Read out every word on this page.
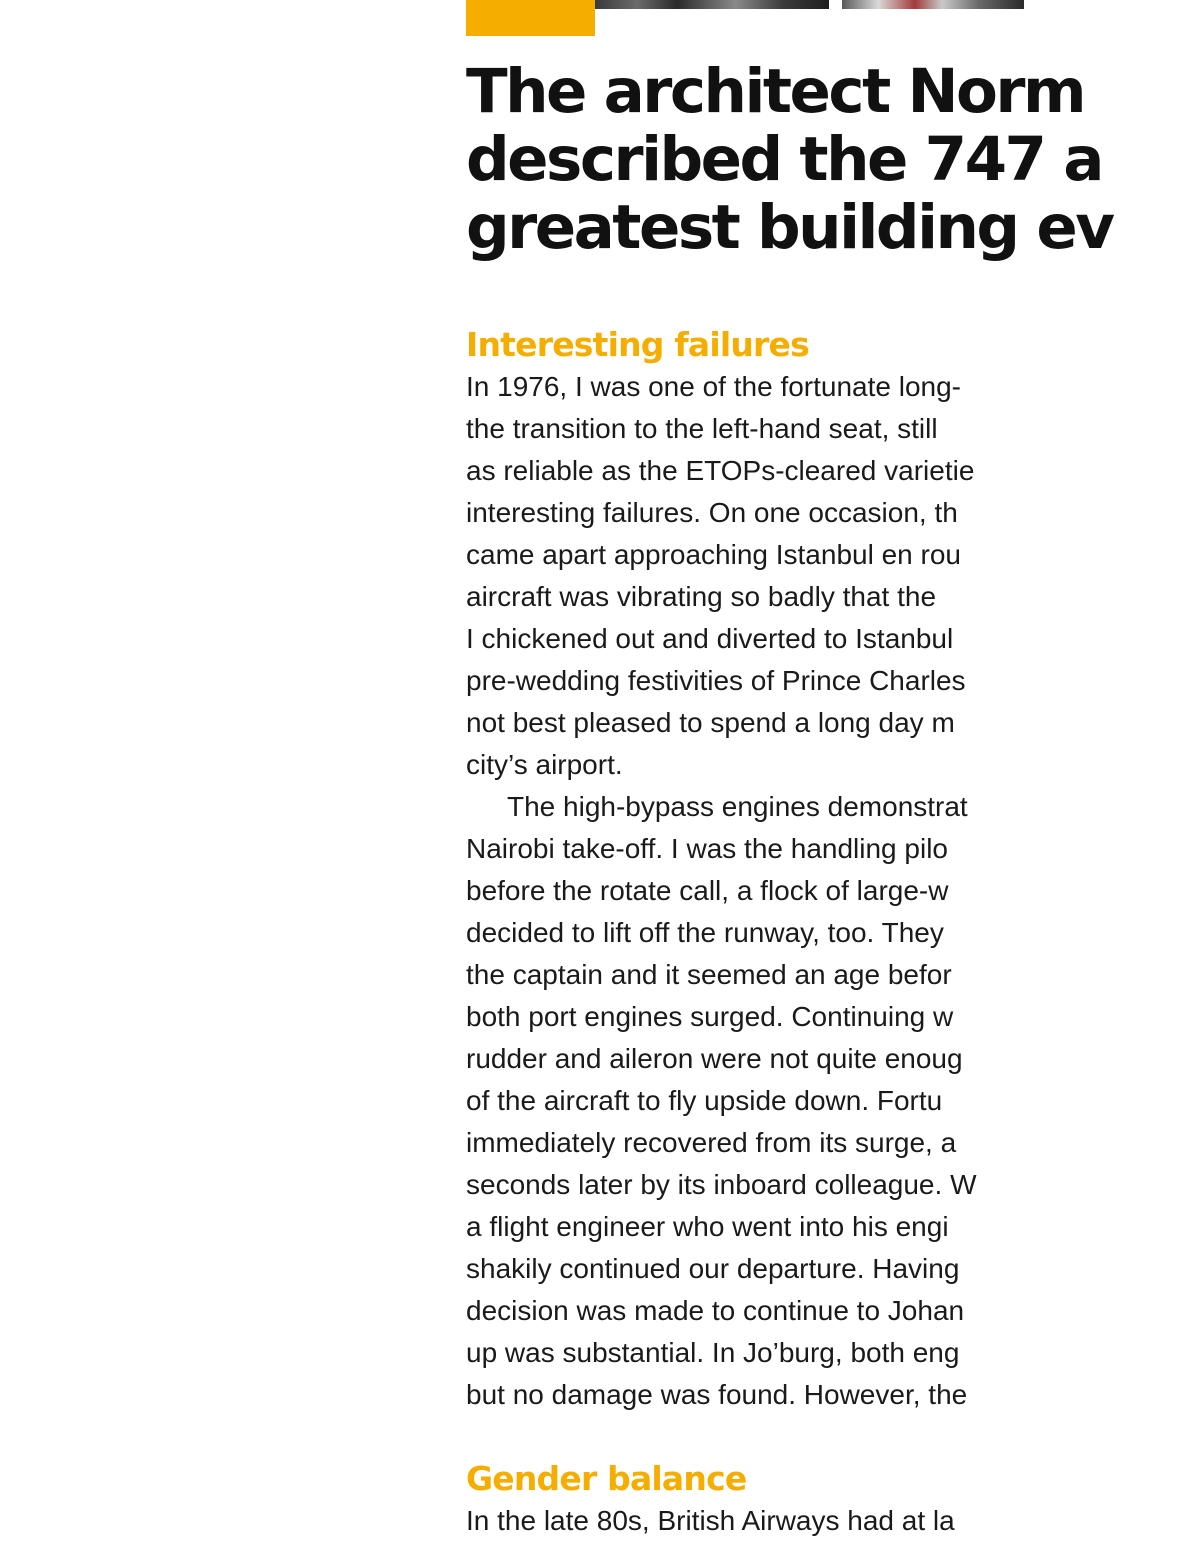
The architect Norm
described the 747 a
greatest building ev
Interesting failures
In 1976, I was one of the fortunate long-
the transition to the left-hand seat, still
as reliable as the ETOPs-cleared varietie
interesting failures. On one occasion, th
came apart approaching Istanbul en rou
aircraft was vibrating so badly that the
I chickened out and diverted to Istanbul
pre-wedding festivities of Prince Charles
not best pleased to spend a long day m
city’s airport.
The high-bypass engines demonstrat
Nairobi take-off. I was the handling pilo
before the rotate call, a flock of large-w
decided to lift off the runway, too. They
the captain and it seemed an age befor
both port engines surged. Continuing w
rudder and aileron were not quite enoug
of the aircraft to fly upside down. Fortu
immediately recovered from its surge, a
seconds later by its inboard colleague. W
a flight engineer who went into his engi
shakily continued our departure. Having
decision was made to continue to Johan
up was substantial. In Jo’burg, both eng
but no damage was found. However, the
Gender balance
In the late 80s, British Airways had at la
